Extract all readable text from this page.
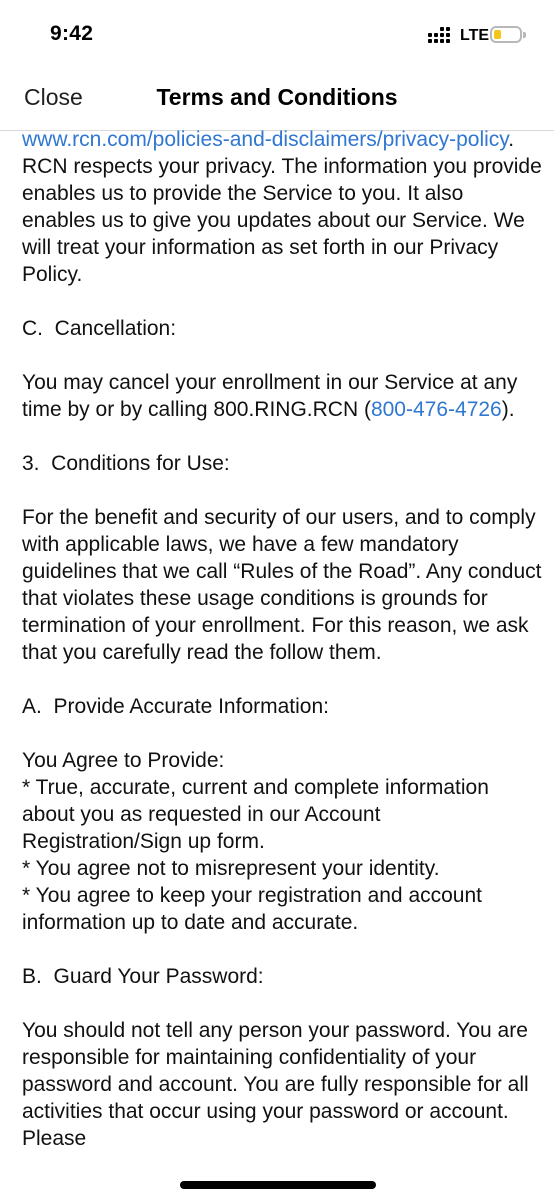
9:42	LTE
Close	Terms and Conditions

www.rcn.com/policies-and-disclaimers/privacy-policy.  RCN respects your privacy. The information you provide enables us to provide the Service to you. It also enables us to give you updates about our Service. We will treat your information as set forth in our Privacy Policy.

C.  Cancellation:

You may cancel your enrollment in our Service at any time by or by calling 800.RING.RCN (800-476-4726).

3.  Conditions for Use:

For the benefit and security of our users, and to comply with applicable laws, we have a few mandatory guidelines that we call “Rules of the Road”. Any conduct that violates these usage conditions is grounds for termination of your enrollment. For this reason, we ask that you carefully read the follow them.

A.  Provide Accurate Information:

You Agree to Provide:

* True, accurate, current and complete information about you as requested in our Account Registration/Sign up form.

* You agree not to misrepresent your identity.

* You agree to keep your registration and account information up to date and accurate.

B.  Guard Your Password:

You should not tell any person your password. You are responsible for maintaining confidentiality of your password and account. You are fully responsible for all activities that occur using your password or account. Please
